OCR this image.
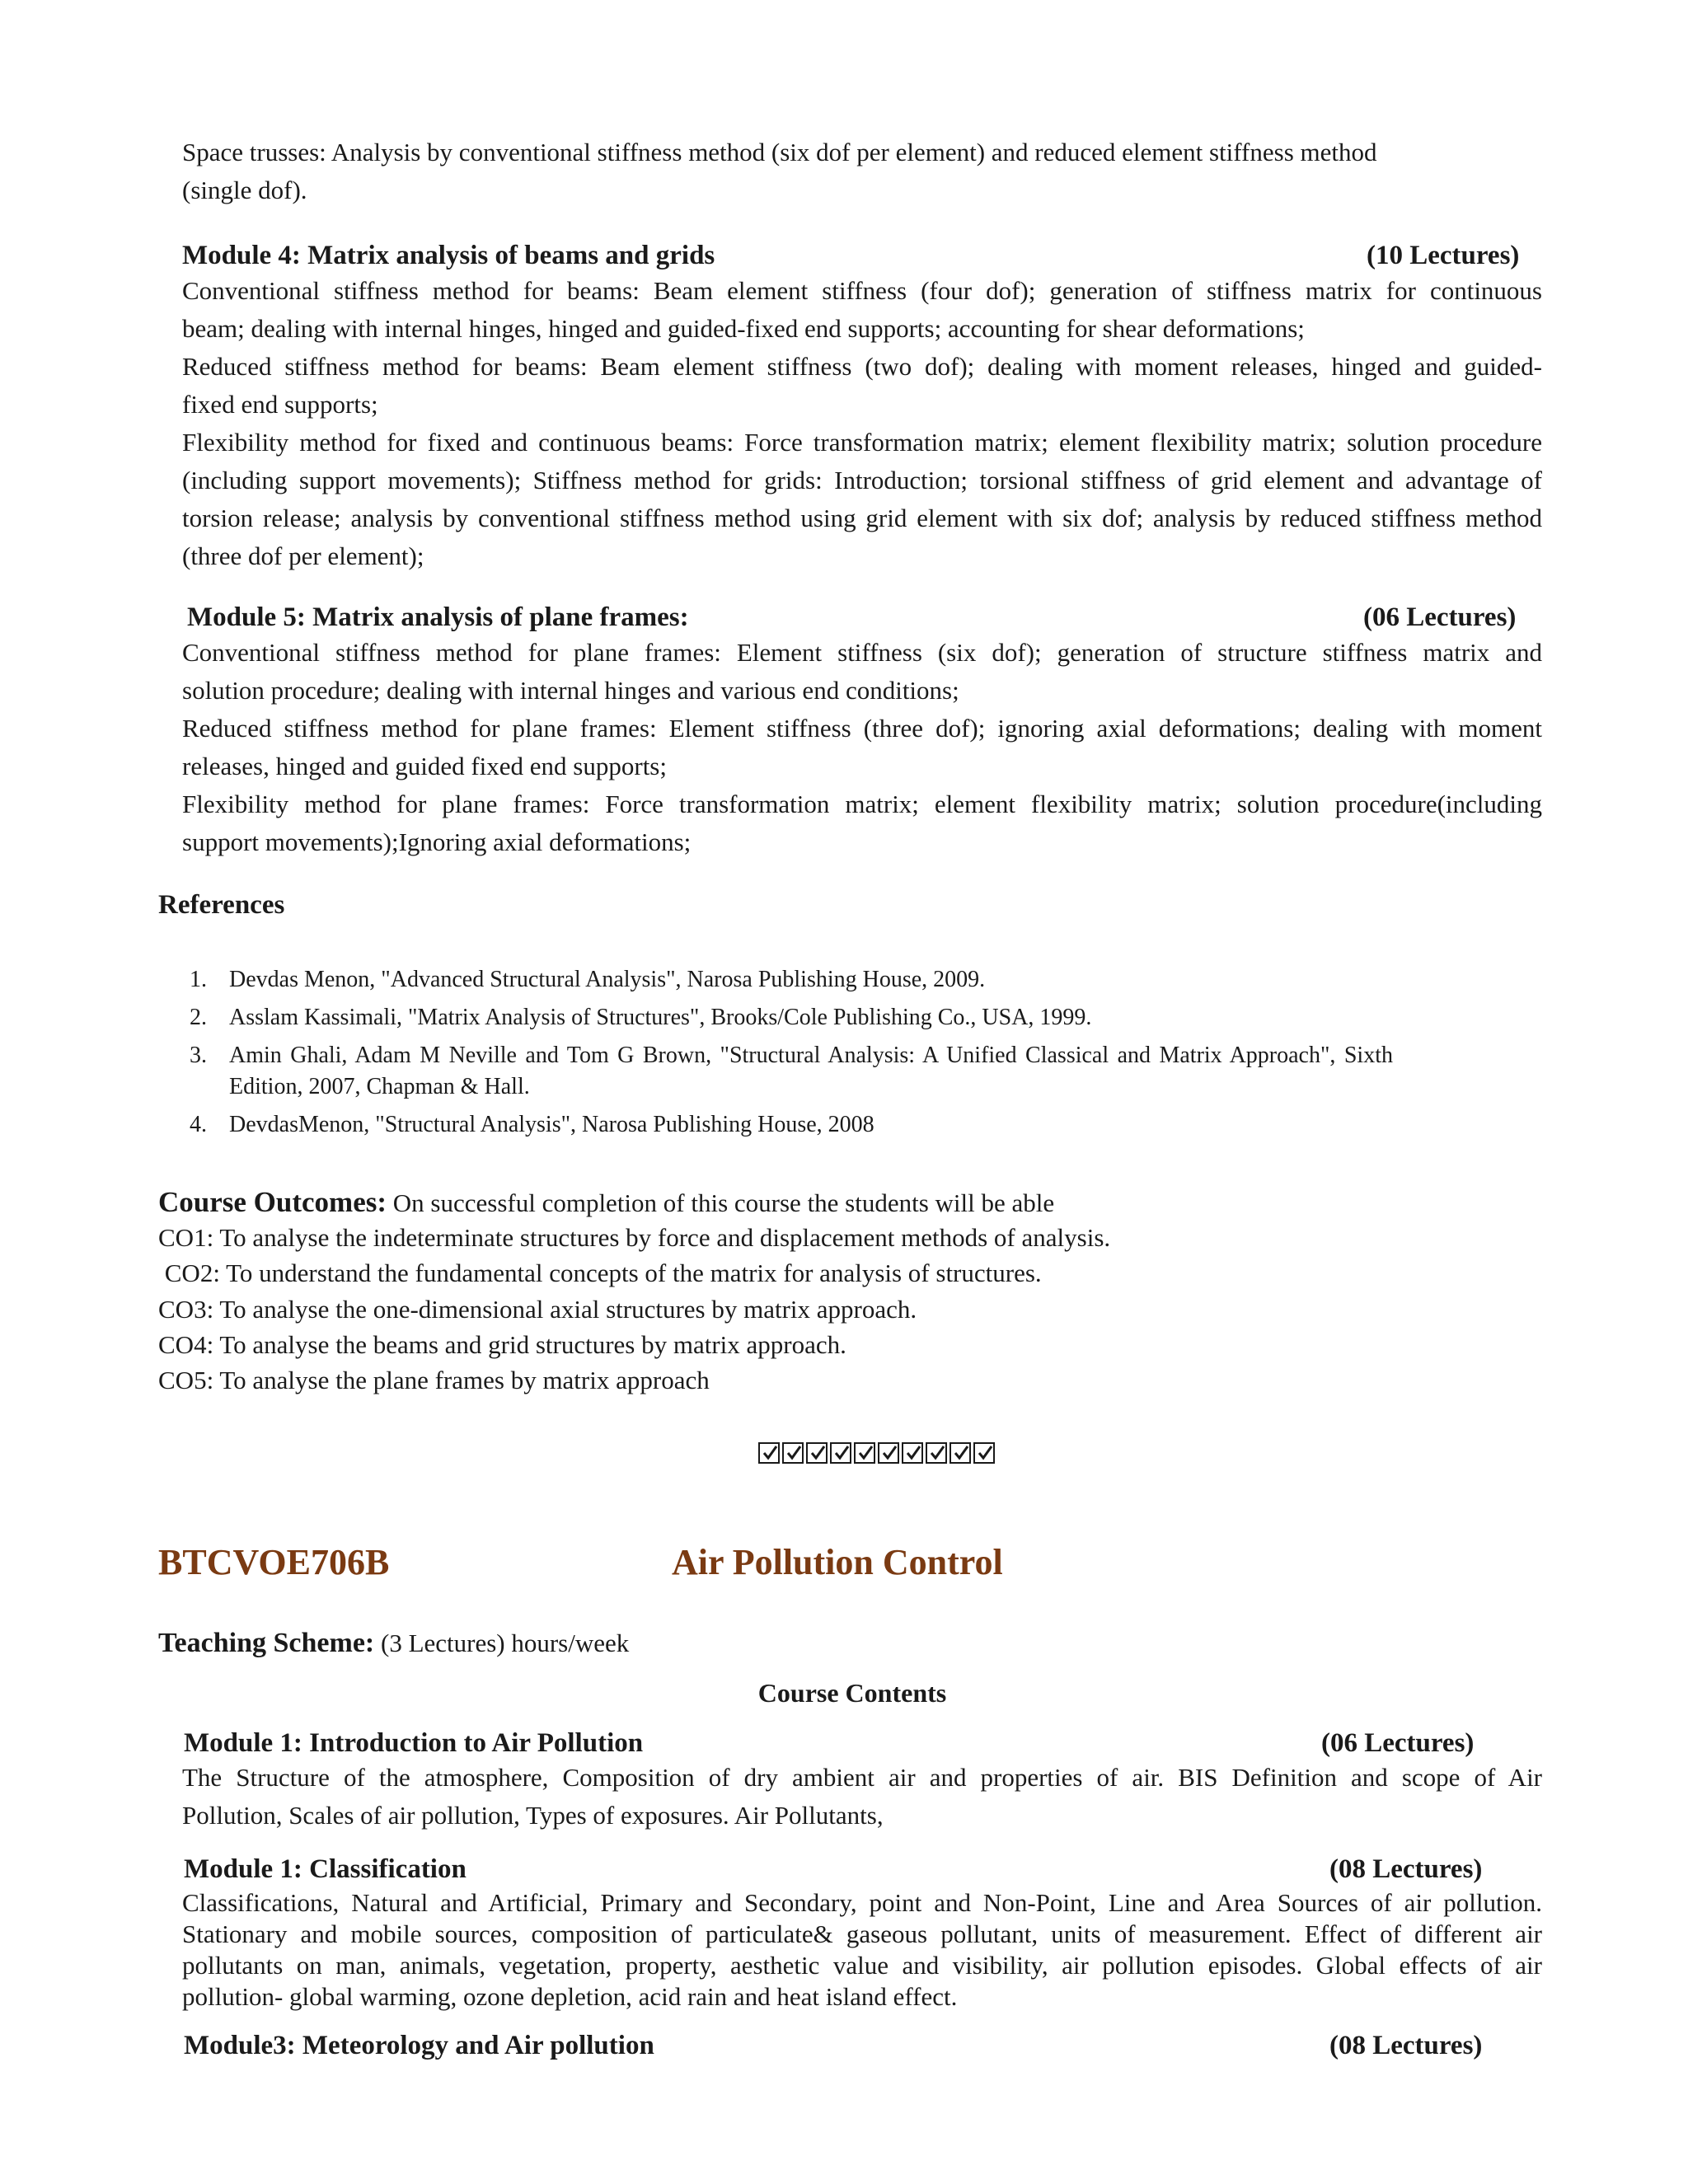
Space trusses: Analysis by conventional stiffness method (six dof per element) and reduced element stiffness method
(single dof).
Module 4: Matrix analysis of beams and grids	(10 Lectures)
Conventional stiffness method for beams: Beam element stiffness (four dof); generation of stiffness matrix for continuous
beam; dealing with internal hinges, hinged and guided-fixed end supports; accounting for shear deformations;
Reduced stiffness method for beams: Beam element stiffness (two dof); dealing with moment releases, hinged and guided-
fixed end supports;
Flexibility method for fixed and continuous beams: Force transformation matrix; element flexibility matrix; solution procedure
(including support movements); Stiffness method for grids: Introduction; torsional stiffness of grid element and advantage of
torsion release; analysis by conventional stiffness method using grid element with six dof; analysis by reduced stiffness method
(three dof per element);
Module 5: Matrix analysis of plane frames:	(06 Lectures)
Conventional stiffness method for plane frames: Element stiffness (six dof); generation of structure stiffness matrix and
solution procedure; dealing with internal hinges and various end conditions;
Reduced stiffness method for plane frames: Element stiffness (three dof); ignoring axial deformations; dealing with moment
releases, hinged and guided fixed end supports;
Flexibility method for plane frames: Force transformation matrix; element flexibility matrix; solution procedure(including
support movements);Ignoring axial deformations;
References
1. Devdas Menon, "Advanced Structural Analysis", Narosa Publishing House, 2009.
2. Asslam Kassimali, "Matrix Analysis of Structures", Brooks/Cole Publishing Co., USA, 1999.
3. Amin Ghali, Adam M Neville and Tom G Brown, "Structural Analysis: A Unified Classical and Matrix Approach", Sixth Edition, 2007, Chapman & Hall.
4. DevdasMenon, "Structural Analysis", Narosa Publishing House, 2008
Course Outcomes: On successful completion of this course the students will be able
CO1: To analyse the indeterminate structures by force and displacement methods of analysis.
CO2: To understand the fundamental concepts of the matrix for analysis of structures.
CO3: To analyse the one-dimensional axial structures by matrix approach.
CO4: To analyse the beams and grid structures by matrix approach.
CO5: To analyse the plane frames by matrix approach
BTCVOE706B	Air Pollution Control
Teaching Scheme: (3 Lectures) hours/week
Course Contents
Module 1: Introduction to Air Pollution	(06 Lectures)
The Structure of the atmosphere, Composition of dry ambient air and properties of air. BIS Definition and scope of Air
Pollution, Scales of air pollution, Types of exposures. Air Pollutants,
Module 1: Classification	(08 Lectures)
Classifications, Natural and Artificial, Primary and Secondary, point and Non-Point, Line and Area Sources of air pollution.
Stationary and mobile sources, composition of particulate& gaseous pollutant, units of measurement. Effect of different air
pollutants on man, animals, vegetation, property, aesthetic value and visibility, air pollution episodes. Global effects of air
pollution- global warming, ozone depletion, acid rain and heat island effect.
Module3: Meteorology and Air pollution	(08 Lectures)
